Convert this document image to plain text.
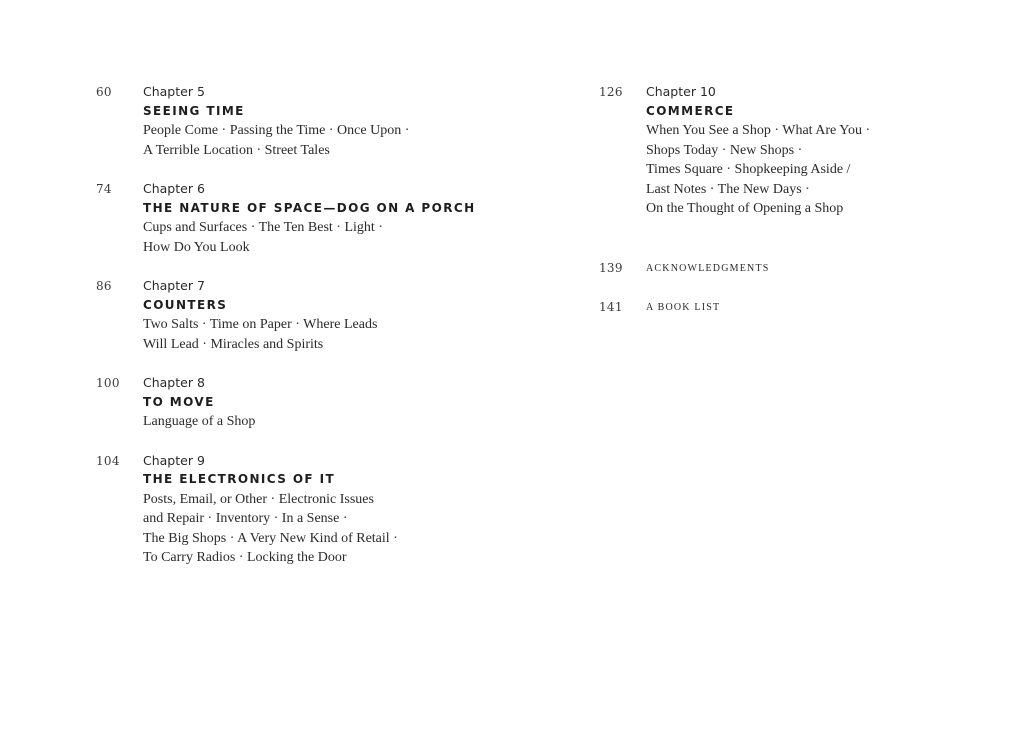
60 Chapter 5
SEEING TIME
People Come · Passing the Time · Once Upon ·
A Terrible Location · Street Tales
74 Chapter 6
THE NATURE OF SPACE—DOG ON A PORCH
Cups and Surfaces · The Ten Best · Light ·
How Do You Look
86 Chapter 7
COUNTERS
Two Salts · Time on Paper · Where Leads
Will Lead · Miracles and Spirits
100 Chapter 8
TO MOVE
Language of a Shop
104 Chapter 9
THE ELECTRONICS OF IT
Posts, Email, or Other · Electronic Issues
and Repair · Inventory · In a Sense ·
The Big Shops · A Very New Kind of Retail ·
To Carry Radios · Locking the Door
126 Chapter 10
COMMERCE
When You See a Shop · What Are You ·
Shops Today · New Shops ·
Times Square · Shopkeeping Aside /
Last Notes · The New Days ·
On the Thought of Opening a Shop
139 ACKNOWLEDGMENTS
141 A BOOK LIST
